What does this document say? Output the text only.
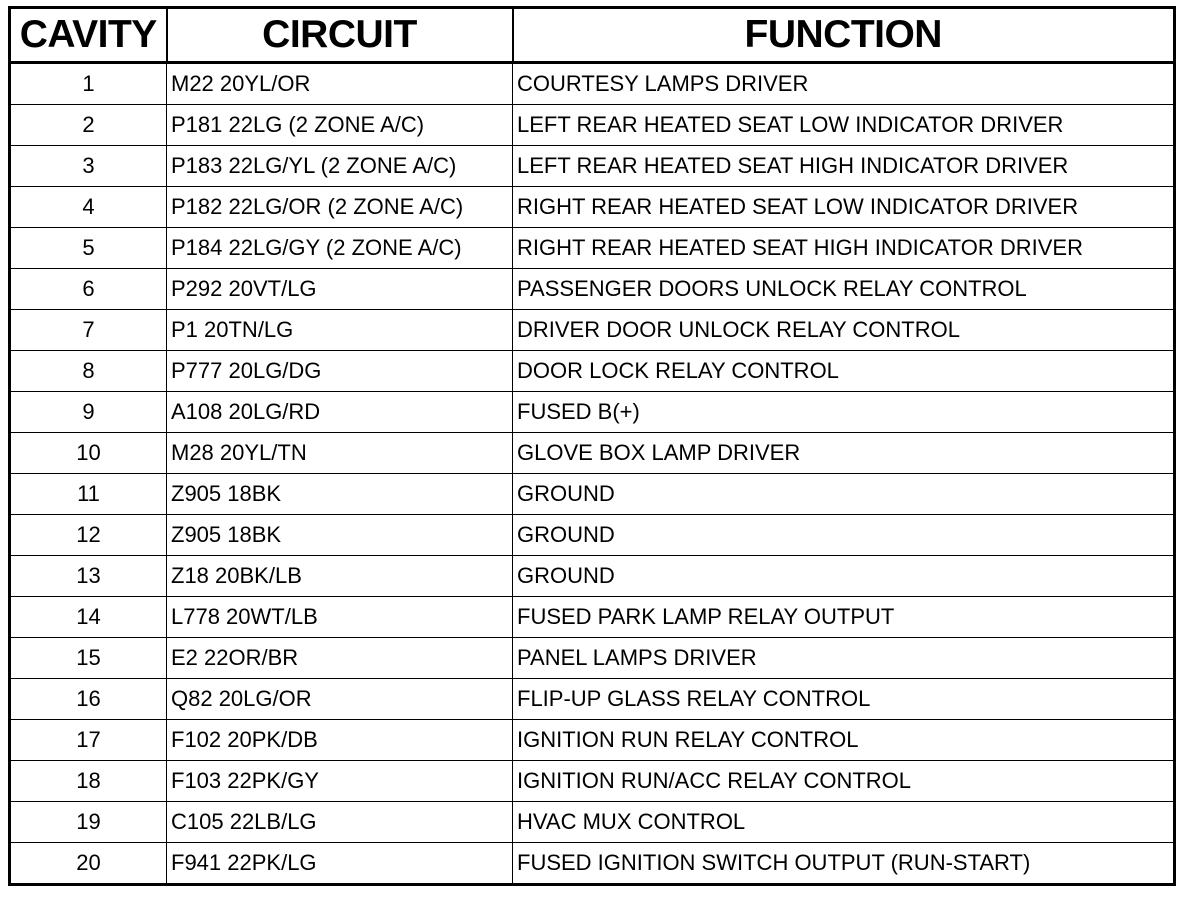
CAVITY	CIRCUIT	FUNCTION
1	M22 20YL/OR	COURTESY LAMPS DRIVER
2	P181 22LG (2 ZONE A/C)	LEFT REAR HEATED SEAT LOW INDICATOR DRIVER
3	P183 22LG/YL (2 ZONE A/C)	LEFT REAR HEATED SEAT HIGH INDICATOR DRIVER
4	P182 22LG/OR (2 ZONE A/C)	RIGHT REAR HEATED SEAT LOW INDICATOR DRIVER
5	P184 22LG/GY (2 ZONE A/C)	RIGHT REAR HEATED SEAT HIGH INDICATOR DRIVER
6	P292 20VT/LG	PASSENGER DOORS UNLOCK RELAY CONTROL
7	P1 20TN/LG	DRIVER DOOR UNLOCK RELAY CONTROL
8	P777 20LG/DG	DOOR LOCK RELAY CONTROL
9	A108 20LG/RD	FUSED B(+)
10	M28 20YL/TN	GLOVE BOX LAMP DRIVER
11	Z905 18BK	GROUND
12	Z905 18BK	GROUND
13	Z18 20BK/LB	GROUND
14	L778 20WT/LB	FUSED PARK LAMP RELAY OUTPUT
15	E2 22OR/BR	PANEL LAMPS DRIVER
16	Q82 20LG/OR	FLIP-UP GLASS RELAY CONTROL
17	F102 20PK/DB	IGNITION RUN RELAY CONTROL
18	F103 22PK/GY	IGNITION RUN/ACC RELAY CONTROL
19	C105 22LB/LG	HVAC MUX CONTROL
20	F941 22PK/LG	FUSED IGNITION SWITCH OUTPUT (RUN-START)
